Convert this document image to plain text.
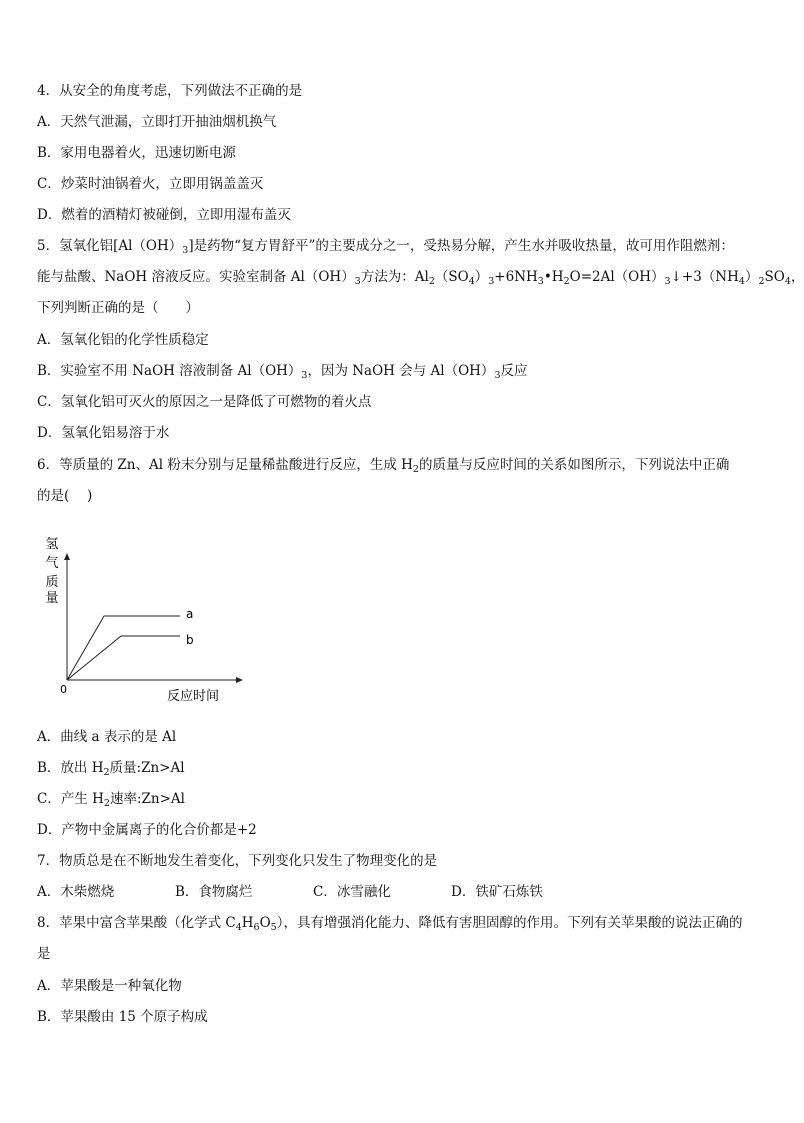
4．从安全的角度考虑，下列做法不正确的是
A．天然气泄漏，立即打开抽油烟机换气
B．家用电器着火，迅速切断电源
C．炒菜时油锅着火，立即用锅盖盖灭
D．燃着的酒精灯被碰倒，立即用湿布盖灭
5．氢氧化铝$[Al(OH)_3]$是药物“复方胃舒平”的主要成分之一，受热易分解，产生水并吸收热量，故可用作阻燃剂：
能与盐酸、NaOH 溶液反应。实验室制备 $Al(OH)_3$方法为：$Al_2(SO_4)_3+6NH_3•H_2O=2Al(OH)_3↓+3(NH_4)_2SO_4$，
下列判断正确的是（　　）
A．氢氧化铝的化学性质稳定
B．实验室不用 NaOH 溶液制备 $Al(OH)_3$，因为 NaOH 会与 $Al(OH)_3$反应
C．氢氧化铝可灭火的原因之一是降低了可燃物的着火点
D．氢氧化铝易溶于水
6．等质量的 Zn、Al 粉末分别与足量稀盐酸进行反应，生成 $H_2$的质量与反应时间的关系如图所示，下列说法中正确
的是(　 )
氢
气
质
量
0	反应时间
a
b
A．曲线 a 表示的是 Al
B．放出 $H_2$质量:Zn>Al
C．产生 $H_2$速率:Zn>Al
D．产物中金属离子的化合价都是+2
7．物质总是在不断地发生着变化，下列变化只发生了物理变化的是
A．木柴燃烧	B．食物腐烂	C．冰雪融化	D．铁矿石炼铁
8．苹果中富含苹果酸（化学式 $C_4H_6O_5$），具有增强消化能力、降低有害胆固醇的作用。下列有关苹果酸的说法正确的
是
A．苹果酸是一种氧化物
B．苹果酸由 15 个原子构成
